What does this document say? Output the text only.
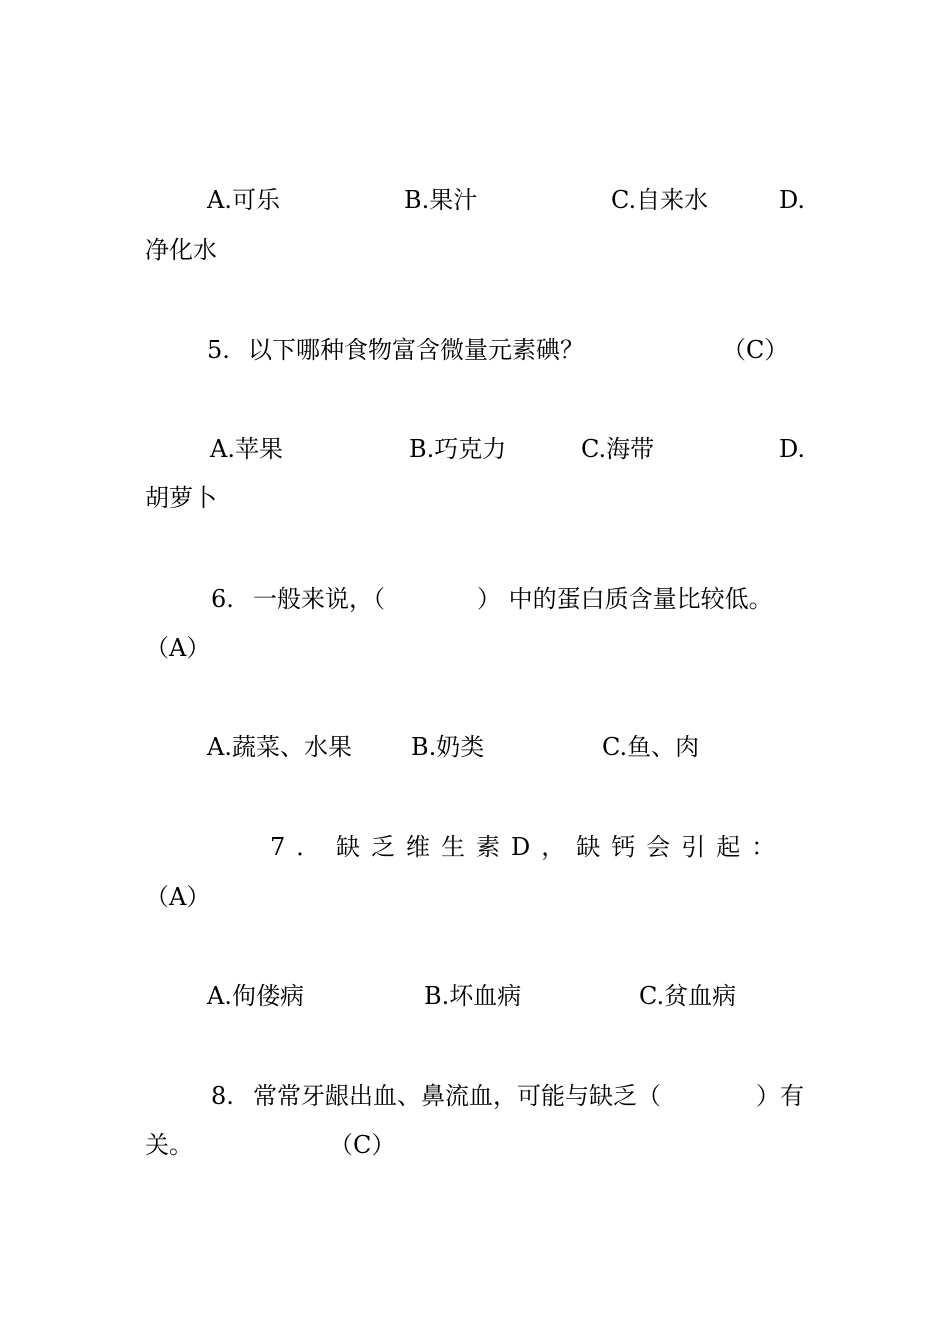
A.可乐	B.果汁	C.自来水	D.
净化水
5. 以下哪种食物富含微量元素碘？	（C）
A.苹果	B.巧克力	C.海带	D.
胡萝卜
6. 一般来说，（	） 中的蛋白质含量比较低。
（A）
A.蔬菜、水果 B.奶类	C.鱼、肉
7． 缺乏维生素D，缺钙会引起：
（A）
A.佝偻病	B.坏血病	C.贫血病
8. 常常牙龈出血、鼻流血，可能与缺乏（	）有
关。	（C）
